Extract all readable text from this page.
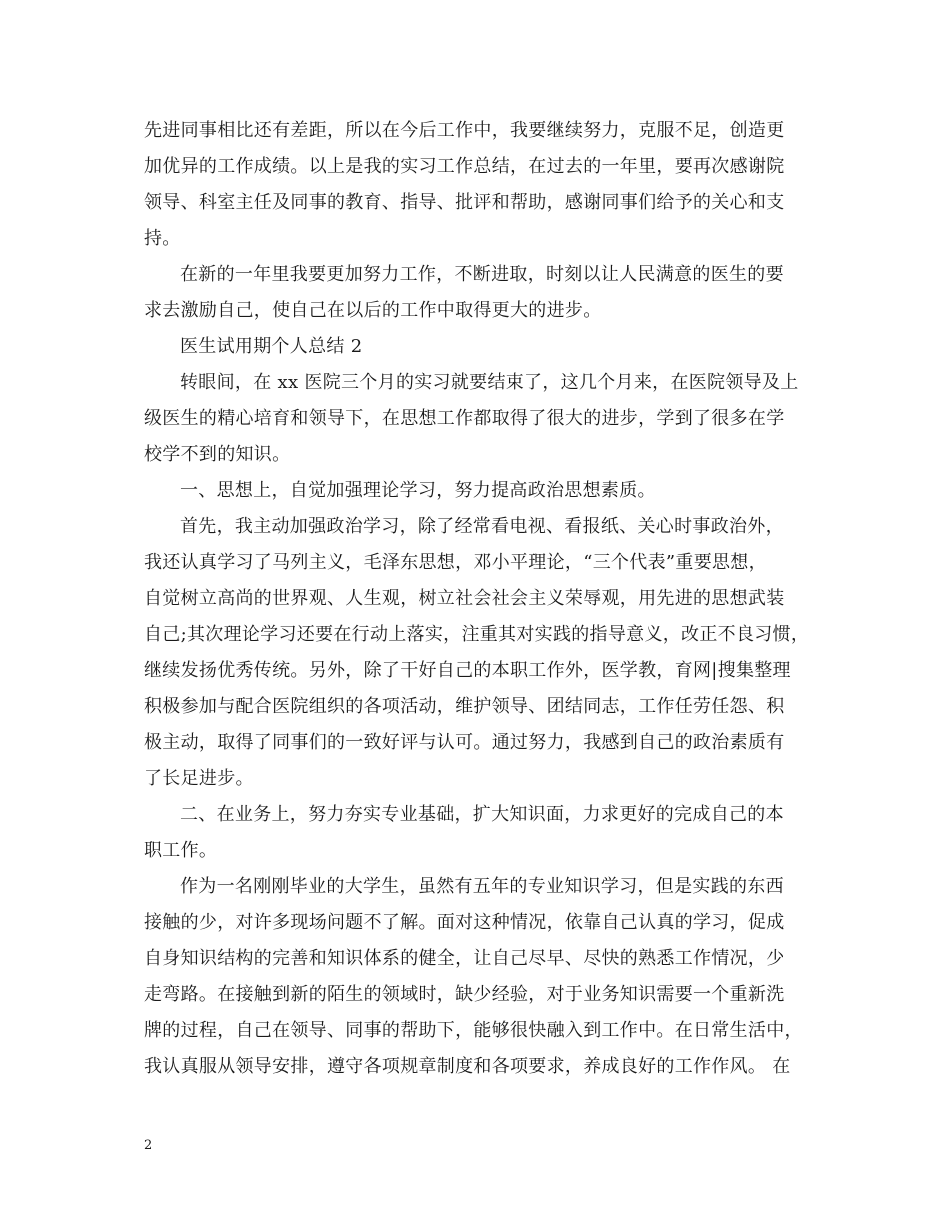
先进同事相比还有差距，所以在今后工作中，我要继续努力，克服不足，创造更
加优异的工作成绩。以上是我的实习工作总结，在过去的一年里，要再次感谢院
领导、科室主任及同事的教育、指导、批评和帮助，感谢同事们给予的关心和支
持。
在新的一年里我要更加努力工作，不断进取，时刻以让人民满意的医生的要
求去激励自己，使自己在以后的工作中取得更大的进步。
医生试用期个人总结 2
转眼间，在 xx 医院三个月的实习就要结束了，这几个月来，在医院领导及上
级医生的精心培育和领导下，在思想工作都取得了很大的进步，学到了很多在学
校学不到的知识。
一、思想上，自觉加强理论学习，努力提高政治思想素质。
首先，我主动加强政治学习，除了经常看电视、看报纸、关心时事政治外，
我还认真学习了马列主义，毛泽东思想，邓小平理论，“三个代表”重要思想，
自觉树立高尚的世界观、人生观，树立社会社会主义荣辱观，用先进的思想武装
自己;其次理论学习还要在行动上落实，注重其对实践的指导意义，改正不良习惯，
继续发扬优秀传统。另外，除了干好自己的本职工作外，医学教，育网|搜集整理
积极参加与配合医院组织的各项活动，维护领导、团结同志，工作任劳任怨、积
极主动，取得了同事们的一致好评与认可。通过努力，我感到自己的政治素质有
了长足进步。
二、在业务上，努力夯实专业基础，扩大知识面，力求更好的完成自己的本
职工作。
作为一名刚刚毕业的大学生，虽然有五年的专业知识学习，但是实践的东西
接触的少，对许多现场问题不了解。面对这种情况，依靠自己认真的学习，促成
自身知识结构的完善和知识体系的健全，让自己尽早、尽快的熟悉工作情况，少
走弯路。在接触到新的陌生的领域时，缺少经验，对于业务知识需要一个重新洗
牌的过程，自己在领导、同事的帮助下，能够很快融入到工作中。在日常生活中，
我认真服从领导安排，遵守各项规章制度和各项要求，养成良好的工作作风。 在
2
